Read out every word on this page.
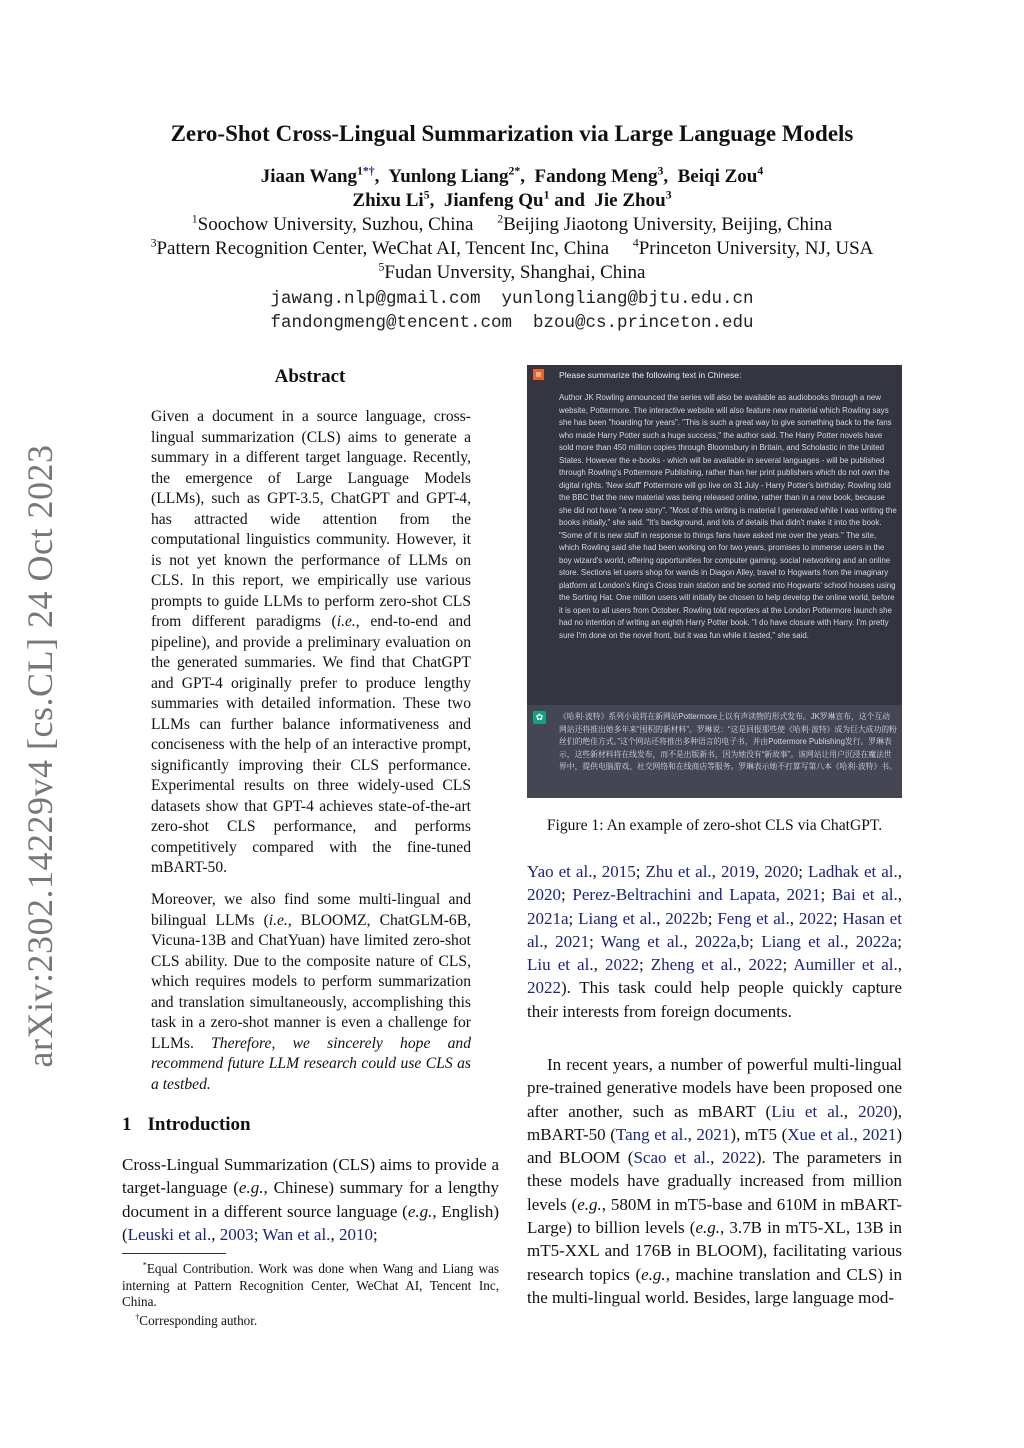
Zero-Shot Cross-Lingual Summarization via Large Language Models
Jiaan Wang$^{1*\dagger}$, Yunlong Liang$^{2*}$, Fandong Meng$^3$, Beiqi Zou$^4$
Zhixu Li$^5$, Jianfeng Qu$^1$ and Jie Zhou$^3$
$^1$Soochow University, Suzhou, China $^2$Beijing Jiaotong University, Beijing, China
$^3$Pattern Recognition Center, WeChat AI, Tencent Inc, China $^4$Princeton University, NJ, USA
$^5$Fudan Unversity, Shanghai, China
jawang.nlp@gmail.com  yunlongliang@bjtu.edu.cn
fandongmeng@tencent.com  bzou@cs.princeton.edu
arXiv:2302.14229v4 [cs.CL] 24 Oct 2023
Abstract
Given a document in a source language, cross-lingual summarization (CLS) aims to generate a summary in a different target language. Recently, the emergence of Large Language Models (LLMs), such as GPT-3.5, ChatGPT and GPT-4, has attracted wide attention from the computational linguistics community. However, it is not yet known the performance of LLMs on CLS. In this report, we empirically use various prompts to guide LLMs to perform zero-shot CLS from different paradigms (i.e., end-to-end and pipeline), and provide a preliminary evaluation on the generated summaries. We find that ChatGPT and GPT-4 originally prefer to produce lengthy summaries with detailed information. These two LLMs can further balance informativeness and conciseness with the help of an interactive prompt, significantly improving their CLS performance. Experimental results on three widely-used CLS datasets show that GPT-4 achieves state-of-the-art zero-shot CLS performance, and performs competitively compared with the fine-tuned mBART-50.
Moreover, we also find some multi-lingual and bilingual LLMs (i.e., BLOOMZ, ChatGLM-6B, Vicuna-13B and ChatYuan) have limited zero-shot CLS ability. Due to the composite nature of CLS, which requires models to perform summarization and translation simultaneously, accomplishing this task in a zero-shot manner is even a challenge for LLMs. Therefore, we sincerely hope and recommend future LLM research could use CLS as a testbed.
1 Introduction
Cross-Lingual Summarization (CLS) aims to provide a target-language (e.g., Chinese) summary for a lengthy document in a different source language (e.g., English) (Leuski et al., 2003; Wan et al., 2010;
*Equal Contribution. Work was done when Wang and Liang was interning at Pattern Recognition Center, WeChat AI, Tencent Inc, China.
†Corresponding author.
Please summarize the following text in Chinese:
Author JK Rowling announced the series will also be available as audiobooks through a new website, Pottermore. The interactive website will also feature new material which Rowling says she has been "hoarding for years". "This is such a great way to give something back to the fans who made Harry Potter such a huge success," the author said. The Harry Potter novels have sold more than 450 million copies through Bloomsbury in Britain, and Scholastic in the United States. However the e-books - which will be available in several languages - will be published through Rowling's Pottermore Publishing, rather than her print publishers which do not own the digital rights. 'New stuff' Pottermore will go live on 31 July - Harry Potter's birthday. Rowling told the BBC that the new material was being released online, rather than in a new book, because she did not have "a new story". "Most of this writing is material I generated while I was writing the books initially," she said. "It's background, and lots of details that didn't make it into the book. "Some of it is new stuff in response to things fans have asked me over the years." The site, which Rowling said she had been working on for two years, promises to immerse users in the boy wizard's world, offering opportunities for computer gaming, social networking and an online store. Sections let users shop for wands in Diagon Alley, travel to Hogwarts from the imaginary platform at London's King's Cross train station and be sorted into Hogwarts' school houses using the Sorting Hat. One million users will initially be chosen to help develop the online world, before it is open to all users from October. Rowling told reporters at the London Pottermore launch she had no intention of writing an eighth Harry Potter book. "I do have closure with Harry. I'm pretty sure I'm done on the novel front, but it was fun while it lasted," she said.
✿	《哈利·波特》系列小说将在新网站Pottermore上以有声读物的形式发布。JK罗琳宣布，这个互动网站还将推出她多年来“囤积的新材料”。罗琳说：“这是回报那些使《哈利·波特》成为巨大成功的粉丝们的绝佳方式。”这个网站还将推出多种语言的电子书，并由Pottermore Publishing发行。罗琳表示，这些新材料将在线发布，而不是出版新书，因为她没有“新故事”。该网站让用户沉浸在魔法世界中，提供电脑游戏、社交网络和在线商店等服务。罗琳表示她不打算写第八本《哈利·波特》书。
Figure 1: An example of zero-shot CLS via ChatGPT.
Yao et al., 2015; Zhu et al., 2019, 2020; Ladhak et al., 2020; Perez-Beltrachini and Lapata, 2021; Bai et al., 2021a; Liang et al., 2022b; Feng et al., 2022; Hasan et al., 2021; Wang et al., 2022a,b; Liang et al., 2022a; Liu et al., 2022; Zheng et al., 2022; Aumiller et al., 2022). This task could help people quickly capture their interests from foreign documents.
In recent years, a number of powerful multi-lingual pre-trained generative models have been proposed one after another, such as mBART (Liu et al., 2020), mBART-50 (Tang et al., 2021), mT5 (Xue et al., 2021) and BLOOM (Scao et al., 2022). The parameters in these models have gradually increased from million levels (e.g., 580M in mT5-base and 610M in mBART-Large) to billion levels (e.g., 3.7B in mT5-XL, 13B in mT5-XXL and 176B in BLOOM), facilitating various research topics (e.g., machine translation and CLS) in the multi-lingual world. Besides, large language mod-
